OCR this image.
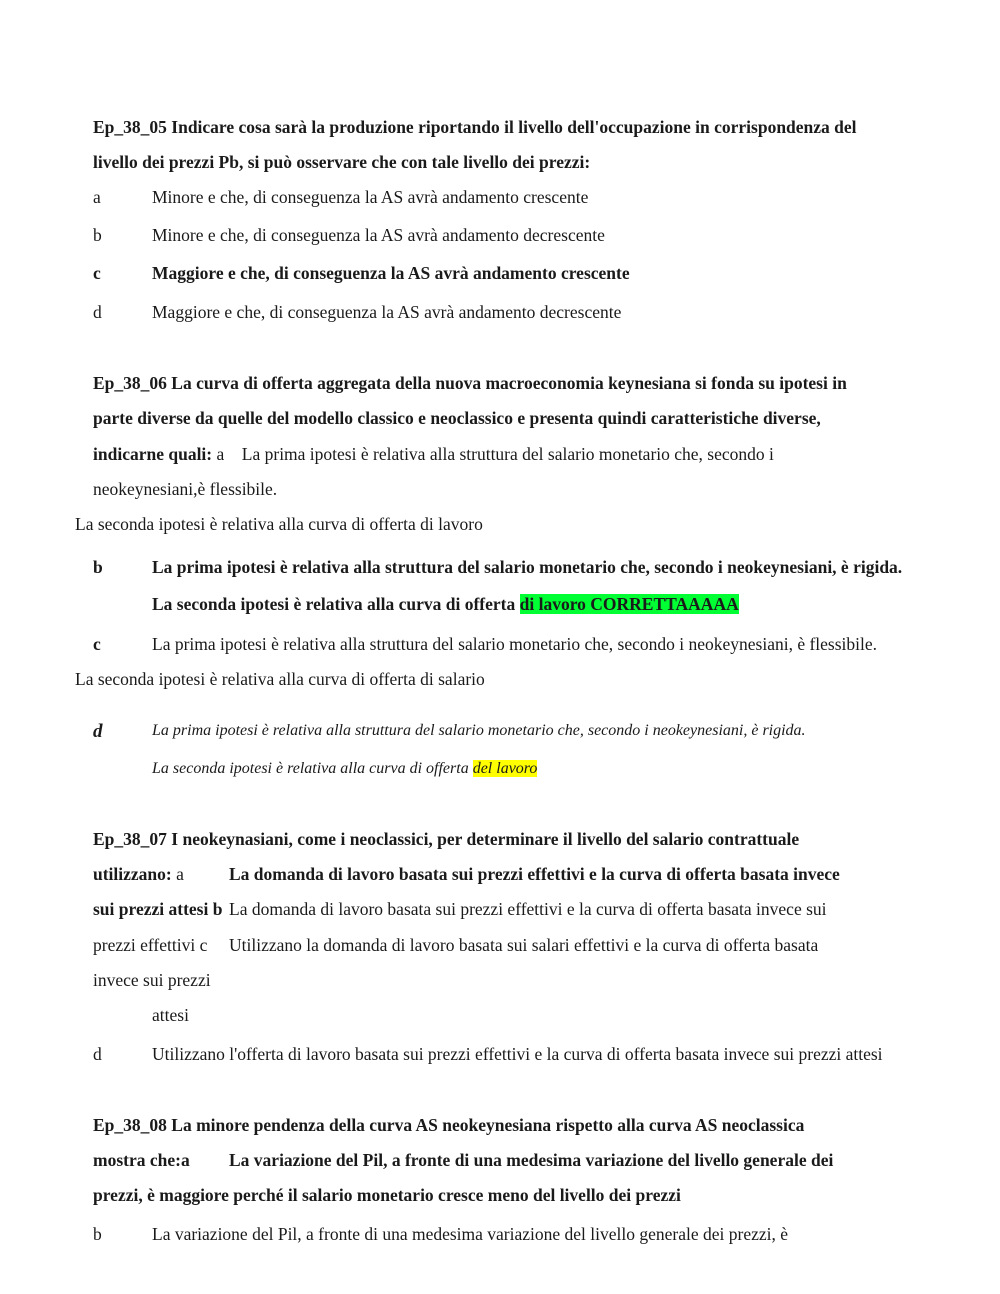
Ep_38_05 Indicare cosa sarà la produzione riportando il livello dell'occupazione in corrispondenza del
livello dei prezzi Pb, si può osservare che con tale livello dei prezzi:
a	Minore e che, di conseguenza la AS avrà andamento crescente
b	Minore e che, di conseguenza la AS avrà andamento decrescente
c	Maggiore e che, di conseguenza la AS avrà andamento crescente
d	Maggiore e che, di conseguenza la AS avrà andamento decrescente
Ep_38_06 La curva di offerta aggregata della nuova macroeconomia keynesiana si fonda su ipotesi in
parte diverse da quelle del modello classico e neoclassico e presenta quindi caratteristiche diverse,
indicarne quali: a La prima ipotesi è relativa alla struttura del salario monetario che, secondo i
neokeynesiani,è flessibile.
La seconda ipotesi è relativa alla curva di offerta di lavoro
b	La prima ipotesi è relativa alla struttura del salario monetario che, secondo i neokeynesiani, è rigida.
La seconda ipotesi è relativa alla curva di offerta di lavoro CORRETTAAAAA
c	La prima ipotesi è relativa alla struttura del salario monetario che, secondo i neokeynesiani, è flessibile.
La seconda ipotesi è relativa alla curva di offerta di salario
d	La prima ipotesi è relativa alla struttura del salario monetario che, secondo i neokeynesiani, è rigida.
La seconda ipotesi è relativa alla curva di offerta del lavoro
Ep_38_07 I neokeynasiani, come i neoclassici, per determinare il livello del salario contrattuale
utilizzano: a	La domanda di lavoro basata sui prezzi effettivi e la curva di offerta basata invece
sui prezzi attesi b La domanda di lavoro basata sui prezzi effettivi e la curva di offerta basata invece sui
prezzi effettivi c Utilizzano la domanda di lavoro basata sui salari effettivi e la curva di offerta basata
invece sui prezzi
attesi
d	Utilizzano l'offerta di lavoro basata sui prezzi effettivi e la curva di offerta basata invece sui prezzi attesi
Ep_38_08 La minore pendenza della curva AS neokeynesiana rispetto alla curva AS neoclassica
mostra che:a La variazione del Pil, a fronte di una medesima variazione del livello generale dei
prezzi, è maggiore perché il salario monetario cresce meno del livello dei prezzi
b	La variazione del Pil, a fronte di una medesima variazione del livello generale dei prezzi, è
